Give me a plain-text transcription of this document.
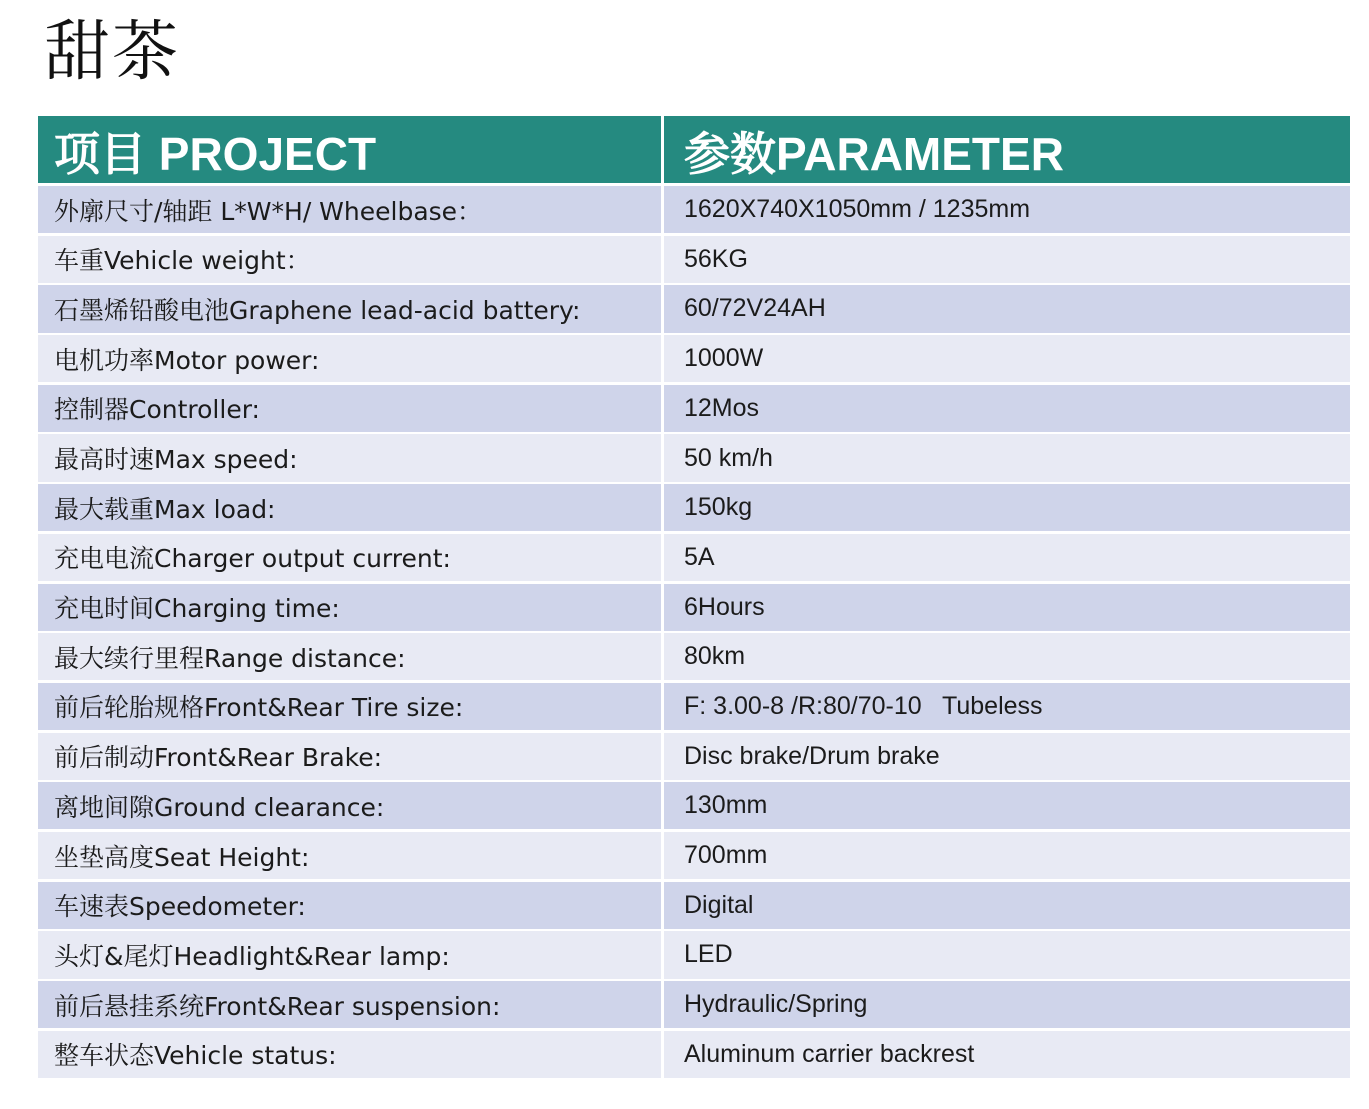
甜茶
项目 PROJECT	参数PARAMETER
外廓尺寸/轴距 L*W*H/ Wheelbase：	1620X740X1050mm / 1235mm
车重Vehicle weight：	56KG
石墨烯铅酸电池Graphene lead-acid battery:	60/72V24AH
电机功率Motor power:	1000W
控制器Controller:	12Mos
最高时速Max speed:	50 km/h
最大载重Max load:	150kg
充电电流Charger output current:	5A
充电时间Charging time:	6Hours
最大续行里程Range distance:	80km
前后轮胎规格Front&Rear Tire size:	F: 3.00-8 /R:80/70-10   Tubeless
前后制动Front&Rear Brake:	Disc brake/Drum brake
离地间隙Ground clearance:	130mm
坐垫高度Seat Height:	700mm
车速表Speedometer:	Digital
头灯&尾灯Headlight&Rear lamp:	LED
前后悬挂系统Front&Rear suspension:	Hydraulic/Spring
整车状态Vehicle status:	Aluminum carrier backrest
